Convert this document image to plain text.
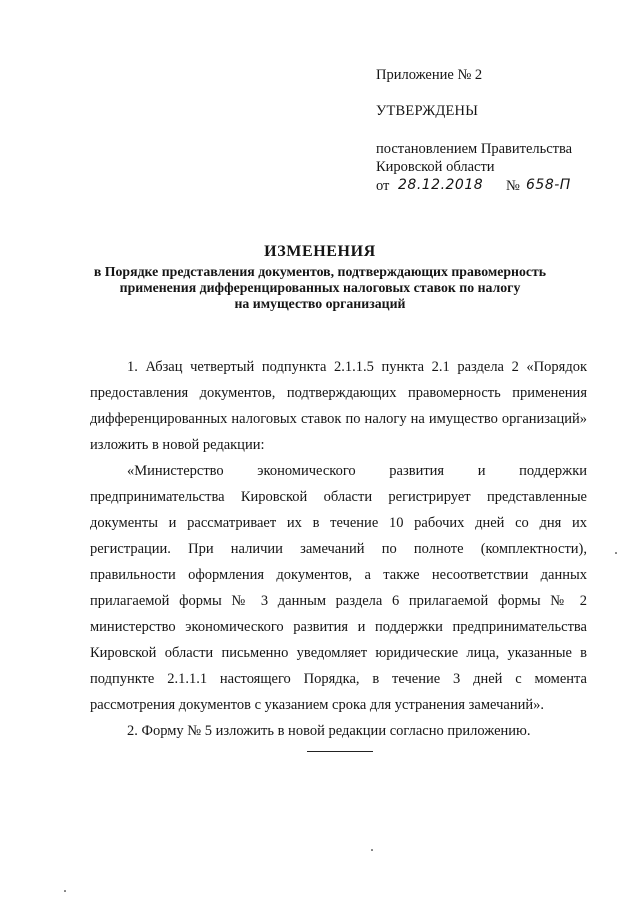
Приложение № 2
УТВЕРЖДЕНЫ
постановлением Правительства
Кировской области
от 28.12.2018 № 658-П
ИЗМЕНЕНИЯ
в Порядке представления документов, подтверждающих правомерность
применения дифференцированных налоговых ставок по налогу
на имущество организаций

1. Абзац четвертый подпункта 2.1.1.5 пункта 2.1 раздела 2 «Порядок предоставления документов, подтверждающих правомерность применения дифференцированных налоговых ставок по налогу на имущество организаций» изложить в новой редакции:

«Министерство экономического развития и поддержки предпринимательства Кировской области регистрирует представленные документы и рассматривает их в течение 10 рабочих дней со дня их регистрации. При наличии замечаний по полноте (комплектности), правильности оформления документов, а также несоответствии данных прилагаемой формы № 3 данным раздела 6 прилагаемой формы № 2 министерство экономического развития и поддержки предпринимательства Кировской области письменно уведомляет юридические лица, указанные в подпункте 2.1.1.1 настоящего Порядка, в течение 3 дней с момента рассмотрения документов с указанием срока для устранения замечаний».

2. Форму № 5 изложить в новой редакции согласно приложению.
